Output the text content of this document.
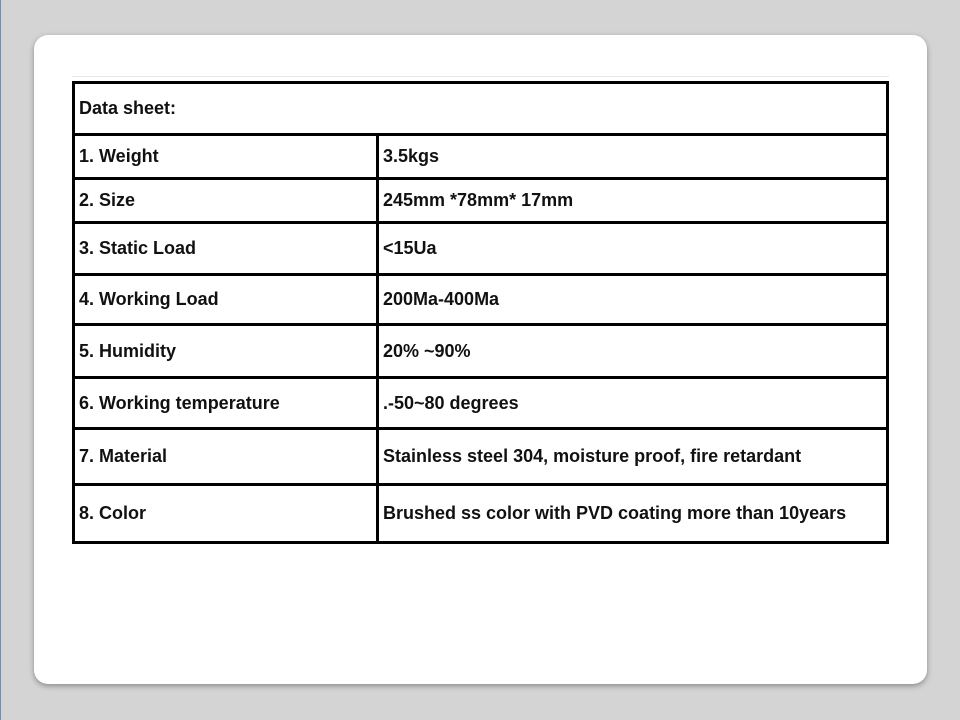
Data sheet:
1. Weight	3.5kgs
2. Size	245mm *78mm* 17mm
3. Static Load	<15Ua
4. Working Load	200Ma-400Ma
5. Humidity	20% ~90%
6. Working temperature	.-50~80 degrees
7. Material	Stainless steel 304, moisture proof, fire retardant
8. Color	Brushed ss color with PVD coating more than 10years
